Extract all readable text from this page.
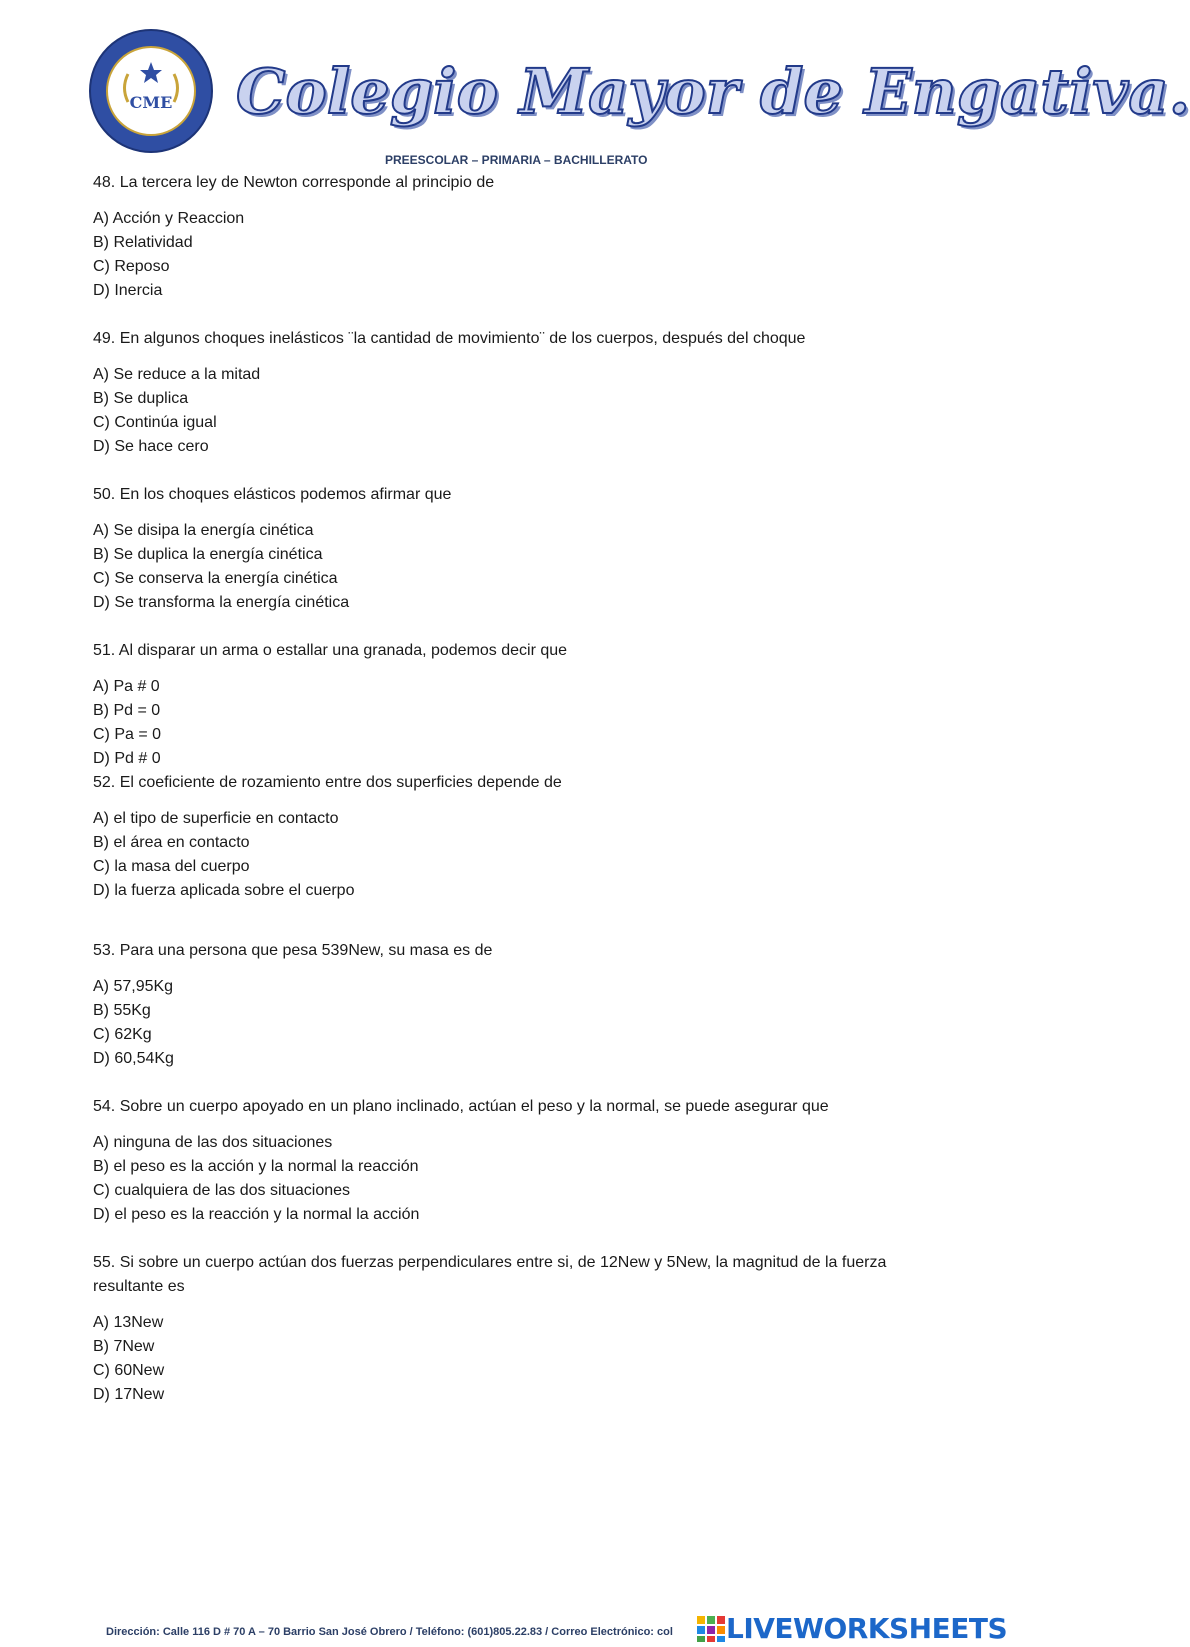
CME Colegio Mayor de Engativa.
PREESCOLAR – PRIMARIA – BACHILLERATO

48. La tercera ley de Newton corresponde al principio de

A) Acción y Reaccion

B) Relatividad

C) Reposo

D) Inercia

49. En algunos choques inelásticos ¨la cantidad de movimiento¨ de los cuerpos, después del choque

A) Se reduce a la mitad

B) Se duplica

C) Continúa igual

D) Se hace cero

50. En los choques elásticos podemos afirmar que

A) Se disipa la energía cinética

B) Se duplica la energía cinética

C) Se conserva la energía cinética

D) Se transforma la energía cinética

51. Al disparar un arma o estallar una granada, podemos decir que

A) Pa # 0

B) Pd = 0

C) Pa = 0

D) Pd # 0

52. El coeficiente de rozamiento entre dos superficies depende de

A) el tipo de superficie en contacto

B) el área en contacto

C) la masa del cuerpo

D) la fuerza aplicada sobre el cuerpo

53. Para una persona que pesa 539New, su masa es de

A) 57,95Kg

B) 55Kg

C) 62Kg

D) 60,54Kg

54. Sobre un cuerpo apoyado en un plano inclinado, actúan el peso y la normal, se puede asegurar que

A) ninguna de las dos situaciones

B) el peso es la acción y la normal la reacción

C) cualquiera de las dos situaciones

D) el peso es la reacción y la normal la acción

55. Si sobre un cuerpo actúan dos fuerzas perpendiculares entre si, de 12New y 5New, la magnitud de la fuerza resultante es

A) 13New

B) 7New

C) 60New

D) 17New

Dirección: Calle 116 D # 70 A – 70 Barrio San José Obrero / Teléfono: (601)805.22.83 / Correo Electrónico: col LIVEWORKSHEETS
